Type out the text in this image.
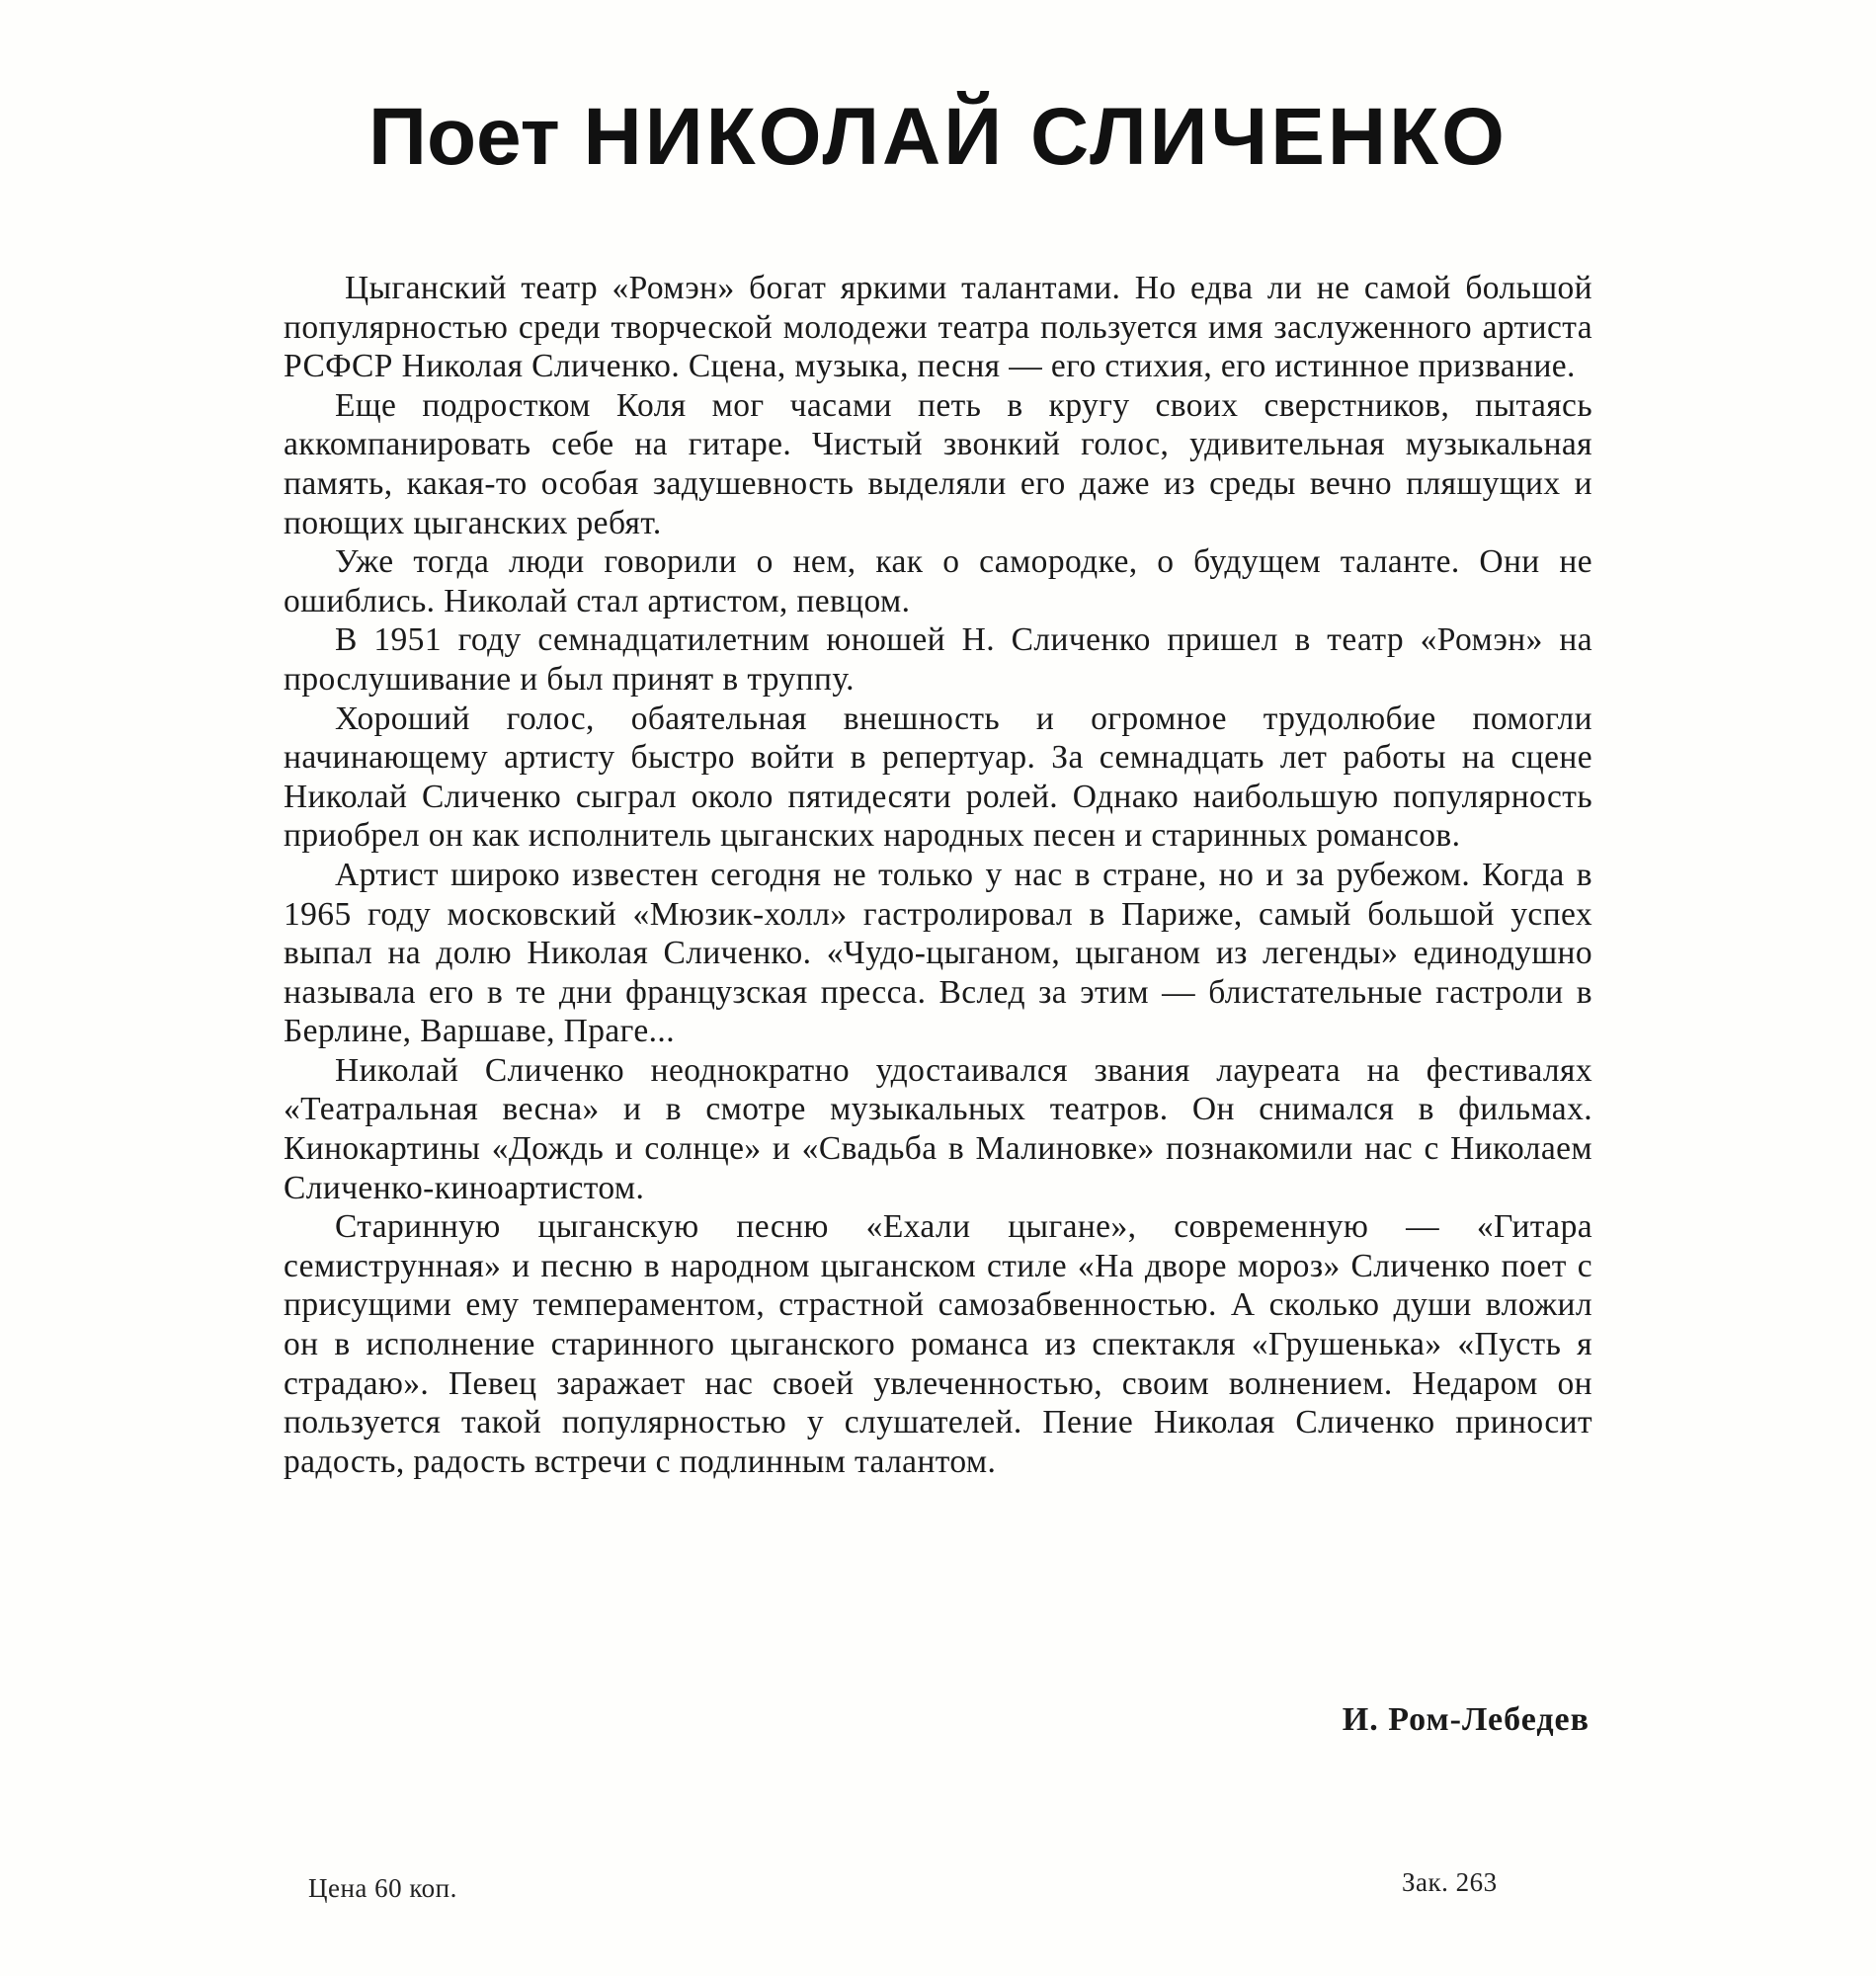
Поет НИКОЛАЙ СЛИЧЕНКО

Цыганский театр «Ромэн» богат яркими талантами. Но едва ли не самой большой популярностью среди творческой молодежи театра пользуется имя заслуженного артиста РСФСР Николая Сличенко. Сцена, музыка, песня — его стихия, его истинное призвание.

Еще подростком Коля мог часами петь в кругу своих сверстников, пытаясь аккомпанировать себе на гитаре. Чистый звонкий голос, удивительная музыкальная память, какая-то особая задушевность выделяли его даже из среды вечно пляшущих и поющих цыганских ребят.

Уже тогда люди говорили о нем, как о самородке, о будущем таланте. Они не ошиблись. Николай стал артистом, певцом.

В 1951 году семнадцатилетним юношей Н. Сличенко пришел в театр «Ромэн» на прослушивание и был принят в труппу.

Хороший голос, обаятельная внешность и огромное трудолюбие помогли начинающему артисту быстро войти в репертуар. За семнадцать лет работы на сцене Николай Сличенко сыграл около пятидесяти ролей. Однако наибольшую популярность приобрел он как исполнитель цыганских народных песен и старинных романсов.

Артист широко известен сегодня не только у нас в стране, но и за рубежом. Когда в 1965 году московский «Мюзик-холл» гастролировал в Париже, самый большой успех выпал на долю Николая Сличенко. «Чудо-цыганом, цыганом из легенды» единодушно называла его в те дни французская пресса. Вслед за этим — блистательные гастроли в Берлине, Варшаве, Праге...

Николай Сличенко неоднократно удостаивался звания лауреата на фестивалях «Театральная весна» и в смотре музыкальных театров. Он снимался в фильмах. Кинокартины «Дождь и солнце» и «Свадьба в Малиновке» познакомили нас с Николаем Сличенко-киноартистом.

Старинную цыганскую песню «Ехали цыгане», современную — «Гитара семиструнная» и песню в народном цыганском стиле «На дворе мороз» Сличенко поет с присущими ему темпераментом, страстной самозабвенностью. А сколько души вложил он в исполнение старинного цыганского романса из спектакля «Грушенька» «Пусть я страдаю». Певец заражает нас своей увлеченностью, своим волнением. Недаром он пользуется такой популярностью у слушателей. Пение Николая Сличенко приносит радость, радость встречи с подлинным талантом.

И. Ром-Лебедев
Цена 60 коп.	Зак. 263
